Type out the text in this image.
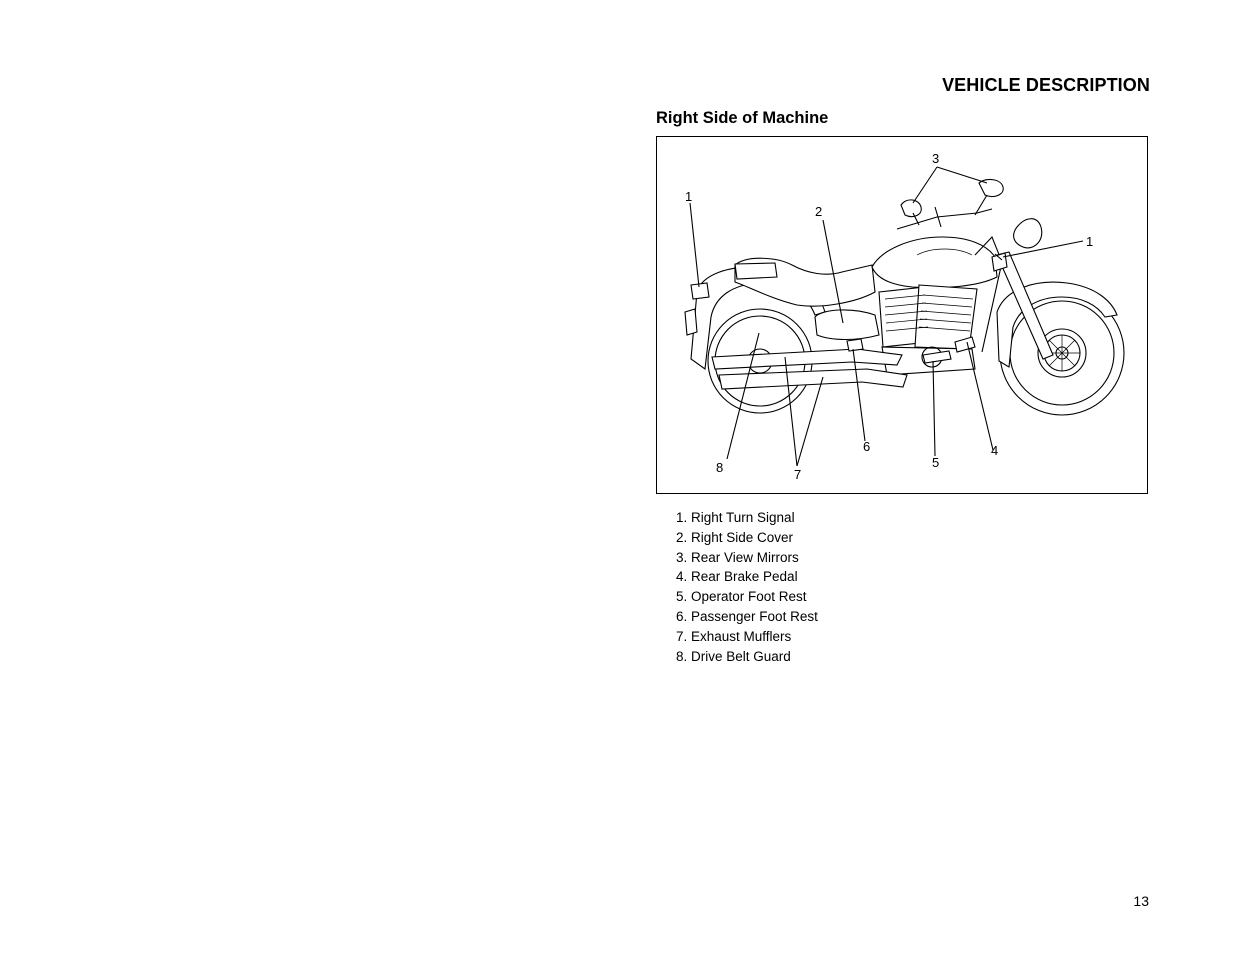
VEHICLE DESCRIPTION
Right Side of Machine
1
1
2
3
4
5
6
7
8
1. Right Turn Signal
2. Right Side Cover
3. Rear View Mirrors
4. Rear Brake Pedal
5. Operator Foot Rest
6. Passenger Foot Rest
7. Exhaust Mufflers
8. Drive Belt Guard
13
